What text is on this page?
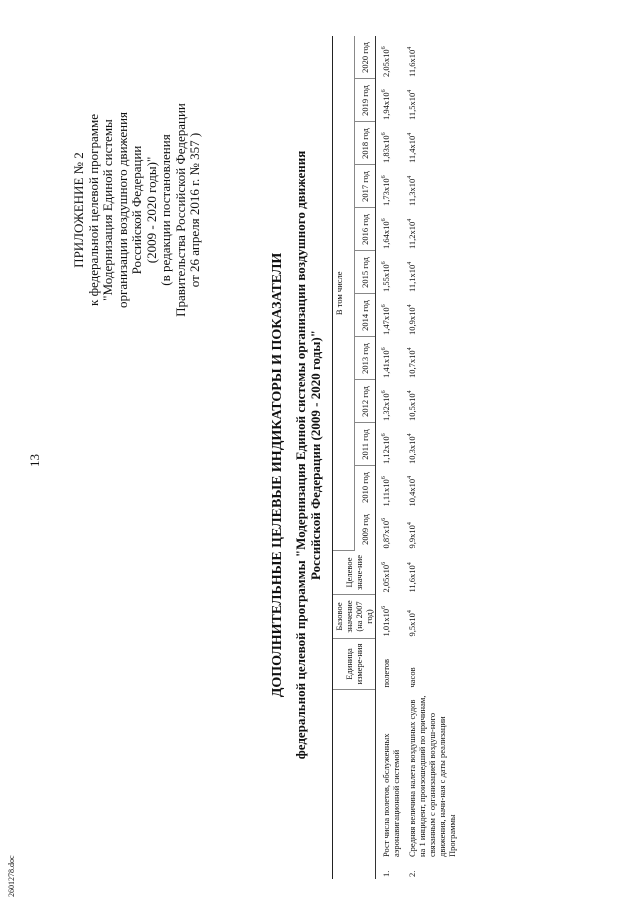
13
ПРИЛОЖЕНИЕ № 2 к федеральной целевой программе "Модернизация Единой системы организации воздушного движения Российской Федерации (2009 - 2020 годы)" (в редакции постановления Правительства Российской Федерации от 26 апреля 2016 г. № 357 )
ДОПОЛНИТЕЛЬНЫЕ ЦЕЛЕВЫЕ ИНДИКАТОРЫ И ПОКАЗАТЕЛИ федеральной целевой программы "Модернизация Единой системы организации воздушного движения Российской Федерации (2009 - 2020 годы)"
		Единица измере-ния	Базовое значение (на 2007 год)	Целевое значе-ние	В том числе											
					2009 год	2010 год	2011 год	2012 год	2013 год	2014 год	2015 год	2016 год	2017 год	2018 год	2019 год	2020 год
1.	Рост числа полетов, обслуженных аэронавигационной системой	полетов	$1,01x10^6$	$2,05x10^6$	$0,87x10^6$	$1,11x10^6$	$1,12x10^6$	$1,32x10^6$	$1,41x10^6$	$1,47x10^6$	$1,55x10^6$	$1,64x10^6$	$1,73x10^6$	$1,83x10^6$	$1,94x10^6$	$2,05x10^6$
2.	Средняя величина налета воздушных судов на 1 инцидент, произошедший по причинам, связанным с организацией воздуш-ного движения, начи-ная с даты реализации Программы	часов	$9,5x10^4$	$11,6x10^4$	$9,9x10^4$	$10,4x10^4$	$10,3x10^4$	$10,5x10^4$	$10,7x10^4$	$10,9x10^4$	$11,1x10^4$	$11,2x10^4$	$11,3x10^4$	$11,4x10^4$	$11,5x10^4$	$11,6x10^4$
2601278.doc
